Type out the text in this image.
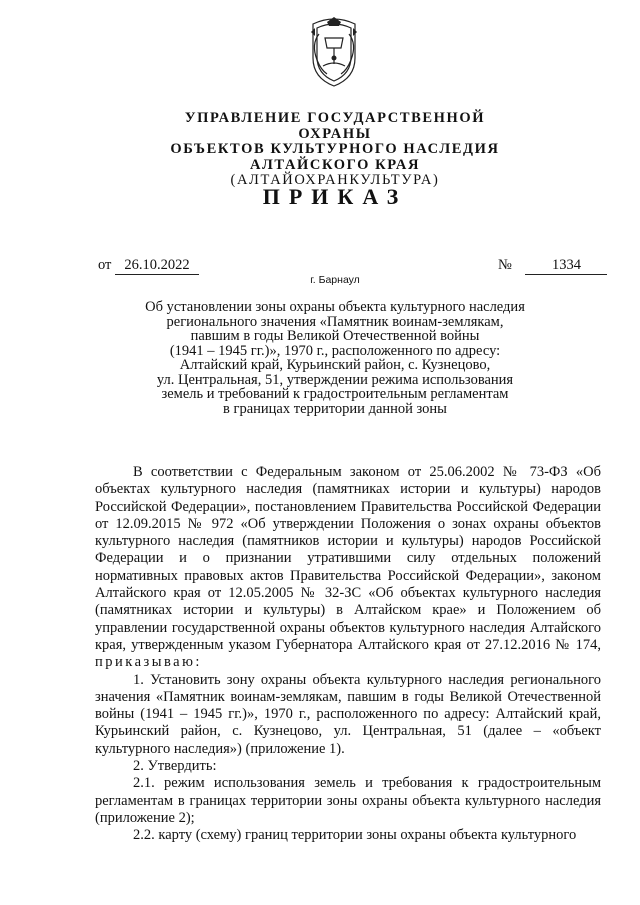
УПРАВЛЕНИЕ ГОСУДАРСТВЕННОЙ ОХРАНЫ
ОБЪЕКТОВ КУЛЬТУРНОГО НАСЛЕДИЯ
АЛТАЙСКОГО КРАЯ
(АЛТАЙОХРАНКУЛЬТУРА)
ПРИКАЗ
от 26.10.2022	№	1334
г. Барнаул
Об установлении зоны охраны объекта культурного наследия
регионального значения «Памятник воинам-землякам,
павшим в годы Великой Отечественной войны
(1941 – 1945 гг.)», 1970 г., расположенного по адресу:
Алтайский край, Курьинский район, с. Кузнецово,
ул. Центральная, 51, утверждении режима использования
земель и требований к градостроительным регламентам
в границах территории данной зоны

В соответствии с Федеральным законом от 25.06.2002 № 73-ФЗ «Об объектах культурного наследия (памятниках истории и культуры) народов Российской Федерации», постановлением Правительства Российской Федерации от 12.09.2015 № 972 «Об утверждении Положения о зонах охраны объектов культурного наследия (памятников истории и культуры) народов Российской Федерации и о признании утратившими силу отдельных положений нормативных правовых актов Правительства Российской Федерации», законом Алтайского края от 12.05.2005 № 32-ЗС «Об объектах культурного наследия (памятниках истории и культуры) в Алтайском крае» и Положением об управлении государственной охраны объектов культурного наследия Алтайского края, утвержденным указом Губернатора Алтайского края от 27.12.2016 № 174, приказываю:

1. Установить зону охраны объекта культурного наследия регионального значения «Памятник воинам-землякам, павшим в годы Великой Отечественной войны (1941 – 1945 гг.)», 1970 г., расположенного по адресу: Алтайский край, Курьинский район, с. Кузнецово, ул. Центральная, 51 (далее – «объект культурного наследия») (приложение 1).

2. Утвердить:

2.1. режим использования земель и требования к градостроительным регламентам в границах территории зоны охраны объекта культурного наследия (приложение 2);

2.2. карту (схему) границ территории зоны охраны объекта культурного
